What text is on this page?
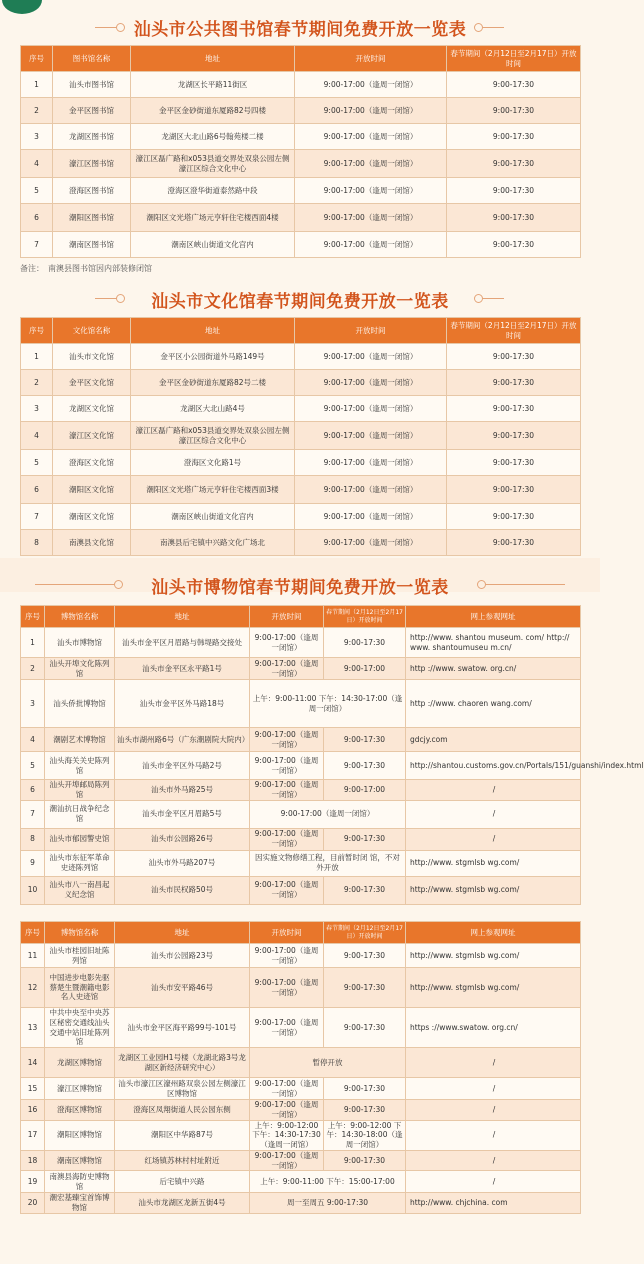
汕头市公共图书馆春节期间免费开放一览表
序号	图书馆名称	地址	开放时间	春节期间（2月12日至2月17日）开放时间
1	汕头市图书馆	龙湖区长平路11街区	9:00-17:00（逢周一闭馆）	9:00-17:30
2	金平区图书馆	金平区金砂街道东厦路82号四楼	9:00-17:00（逢周一闭馆）	9:00-17:30
3	龙湖区图书馆	龙湖区大北山路6号翰苑楼二楼	9:00-17:00（逢周一闭馆）	9:00-17:30
4	濠江区图书馆	濠江区磊广路和x053县道交界处双泉公园左侧濠江区综合文化中心	9:00-17:00（逢周一闭馆）	9:00-17:30
5	澄海区图书馆	澄海区澄华街道泰然路中段	9:00-17:00（逢周一闭馆）	9:00-17:30
6	潮阳区图书馆	潮阳区文光塔广场元亨轩住宅楼西面4楼	9:00-17:00（逢周一闭馆）	9:00-17:30
7	潮南区图书馆	潮南区峡山街道文化宫内	9:00-17:00（逢周一闭馆）	9:00-17:30
备注：　南澳县图书馆因内部装修闭馆
汕头市文化馆春节期间免费开放一览表
序号	文化馆名称	地址	开放时间	春节期间（2月12日至2月17日）开放时间
1	汕头市文化馆	金平区小公园街道外马路149号	9:00-17:00（逢周一闭馆）	9:00-17:30
2	金平区文化馆	金平区金砂街道东厦路82号二楼	9:00-17:00（逢周一闭馆）	9:00-17:30
3	龙湖区文化馆	龙湖区大北山路4号	9:00-17:00（逢周一闭馆）	9:00-17:30
4	濠江区文化馆	濠江区磊广路和x053县道交界处双泉公园左侧濠江区综合文化中心	9:00-17:00（逢周一闭馆）	9:00-17:30
5	澄海区文化馆	澄海区文化路1号	9:00-17:00（逢周一闭馆）	9:00-17:30
6	潮阳区文化馆	潮阳区文光塔广场元亨轩住宅楼西面3楼	9:00-17:00（逢周一闭馆）	9:00-17:30
7	潮南区文化馆	潮南区峡山街道文化宫内	9:00-17:00（逢周一闭馆）	9:00-17:30
8	南澳县文化馆	南澳县后宅镇中兴路文化广场北	9:00-17:00（逢周一闭馆）	9:00-17:30
汕头市博物馆春节期间免费开放一览表
序号	博物馆名称	地址	开放时间	春节期间（2月12日至2月17日）开放时间	网上参观网址
1	汕头市博物馆	汕头市金平区月眉路与韩堤路交接处	9:00-17:00（逢周一闭馆）	9:00-17:30	http://www. shantou museum. com/ http:// www. shantoumuseu m.cn/
2	汕头开埠文化陈列馆	汕头市金平区永平路1号	9:00-17:00（逢周一闭馆）	9:00-17:00	http ://www. swatow. org.cn/
3	汕头侨批博物馆	汕头市金平区外马路18号	上午：9:00-11:00 下午：14:30-17:00（逢周一闭馆）		http ://www. chaoren wang.com/
4	潮剧艺术博物馆	汕头市湖州路6号（广东潮剧院大院内）	9:00-17:00（逢周一闭馆）	9:00-17:30	gdcjy.com
5	汕头海关关史陈列馆	汕头市金平区外马路2号	9:00-17:00（逢周一闭馆）	9:00-17:30	http://shantou.customs.gov.cn/Portals/151/guanshi/index.html
6	汕头开埠邮局陈列馆	汕头市外马路25号	9:00-17:00（逢周一闭馆）	9:00-17:00	/
7	潮汕抗日战争纪念馆	汕头市金平区月眉路5号	9:00-17:00（逢周一闭馆）		/
8	汕头市郁园警史馆	汕头市公园路26号	9:00-17:00（逢周一闭馆）	9:00-17:30	/
9	汕头市东征军革命史迹陈列馆	汕头市外马路207号	因实施文物修缮工程，目前暂时闭 馆，不对外开放		http://www. stgmlsb wg.com/
10	汕头市八一南昌起义纪念馆	汕头市民权路50号	9:00-17:00（逢周一闭馆）	9:00-17:30	http://www. stgmlsb wg.com/
序号	博物馆名称	地址	开放时间	春节期间（2月12日至2月17日）开放时间	网上参观网址
11	汕头市桂园旧址陈列馆	汕头市公园路23号	9:00-17:00（逢周一闭馆）	9:00-17:30	http://www. stgmlsb wg.com/
12	中国进步电影先驱蔡楚生暨潮籍电影名人史迹馆	汕头市安平路46号	9:00-17:00（逢周一闭馆）	9:00-17:30	http://www. stgmlsb wg.com/
13	中共中央至中央苏区秘密交通线汕头交通中站旧址陈列馆	汕头市金平区海平路99号-101号	9:00-17:00（逢周一闭馆）	9:00-17:30	https ://www.swatow. org.cn/
14	龙湖区博物馆	龙湖区工业园H1号楼（龙湖北路3号龙 湖区新经济研究中心）	暂停开放		/
15	濠江区博物馆	汕头市濠江区濠州路双泉公园左侧濠江区博物馆	9:00-17:00（逢周一闭馆）	9:00-17:30	/
16	澄海区博物馆	澄海区凤翔街道人民公园东侧	9:00-17:00（逢周一闭馆）	9:00-17:30	/
17	潮阳区博物馆	潮阳区中华路87号	上午：9:00-12:00 下午：14:30-17:30（逢周一闭馆）	上午：9:00-12:00 下午：14:30-18:00（逢周一闭馆）	/
18	潮南区博物馆	红场镇苏林村村址附近	9:00-17:00（逢周一闭馆）	9:00-17:30	/
19	南澳县海防史博物馆	后宅镇中兴路	上午：9:00-11:00 下午：15:00-17:00		/
20	潮宏基臻宝首饰博物馆	汕头市龙湖区龙新五街4号	周一至周五 9:00-17:30		http://www. chjchina. com
